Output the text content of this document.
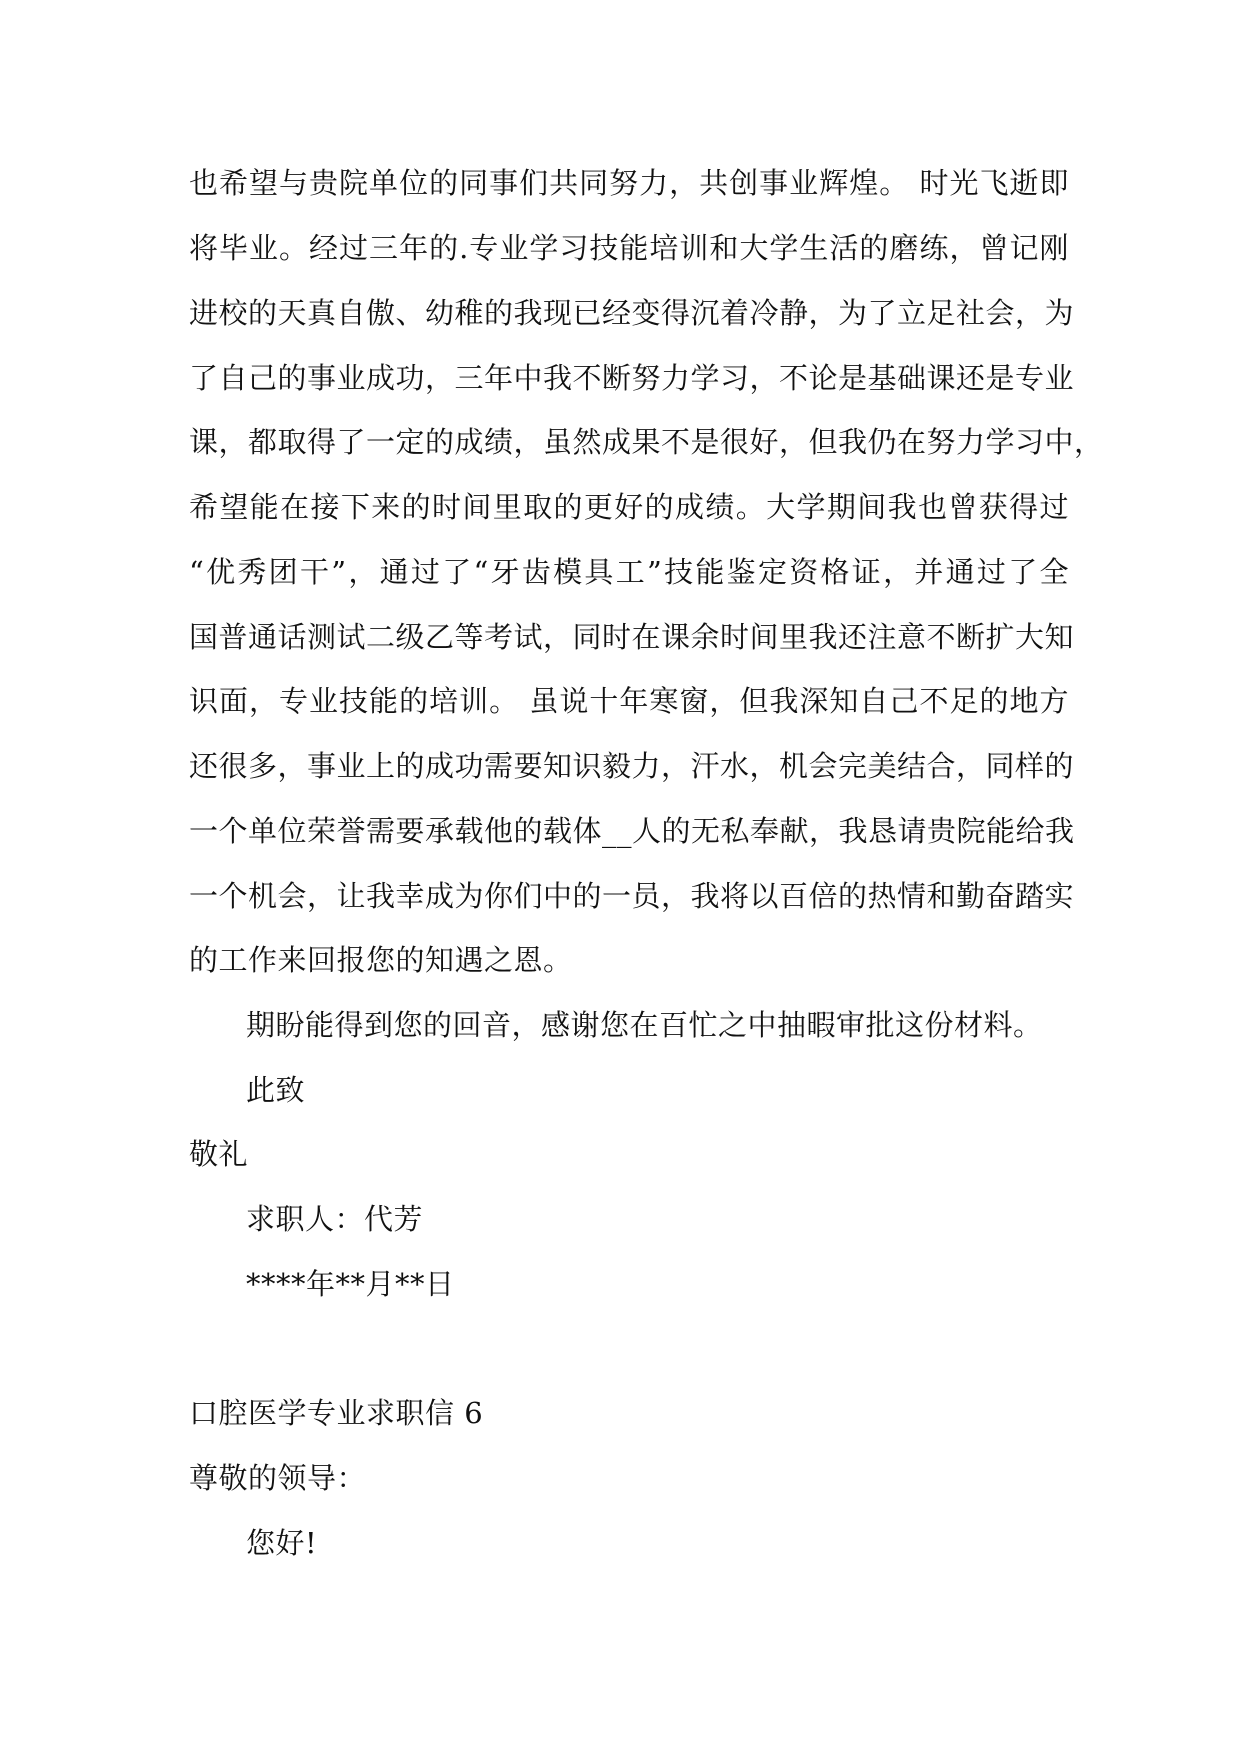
也希望与贵院单位的同事们共同努力，共创事业辉煌。 时光飞逝即
将毕业。经过三年的.专业学习技能培训和大学生活的磨练，曾记刚
进校的天真自傲、幼稚的我现已经变得沉着冷静，为了立足社会，为
了自己的事业成功，三年中我不断努力学习，不论是基础课还是专业
课，都取得了一定的成绩，虽然成果不是很好，但我仍在努力学习中，
希望能在接下来的时间里取的更好的成绩。大学期间我也曾获得过
“优秀团干”，通过了“牙齿模具工”技能鉴定资格证，并通过了全
国普通话测试二级乙等考试，同时在课余时间里我还注意不断扩大知
识面，专业技能的培训。 虽说十年寒窗，但我深知自己不足的地方
还很多，事业上的成功需要知识毅力，汗水，机会完美结合，同样的
一个单位荣誉需要承载他的载体__人的无私奉献，我恳请贵院能给我
一个机会，让我幸成为你们中的一员，我将以百倍的热情和勤奋踏实
的工作来回报您的知遇之恩。
期盼能得到您的回音，感谢您在百忙之中抽暇审批这份材料。
此致
敬礼
求职人：代芳
****年**月**日
口腔医学专业求职信 6
尊敬的领导：
您好!
